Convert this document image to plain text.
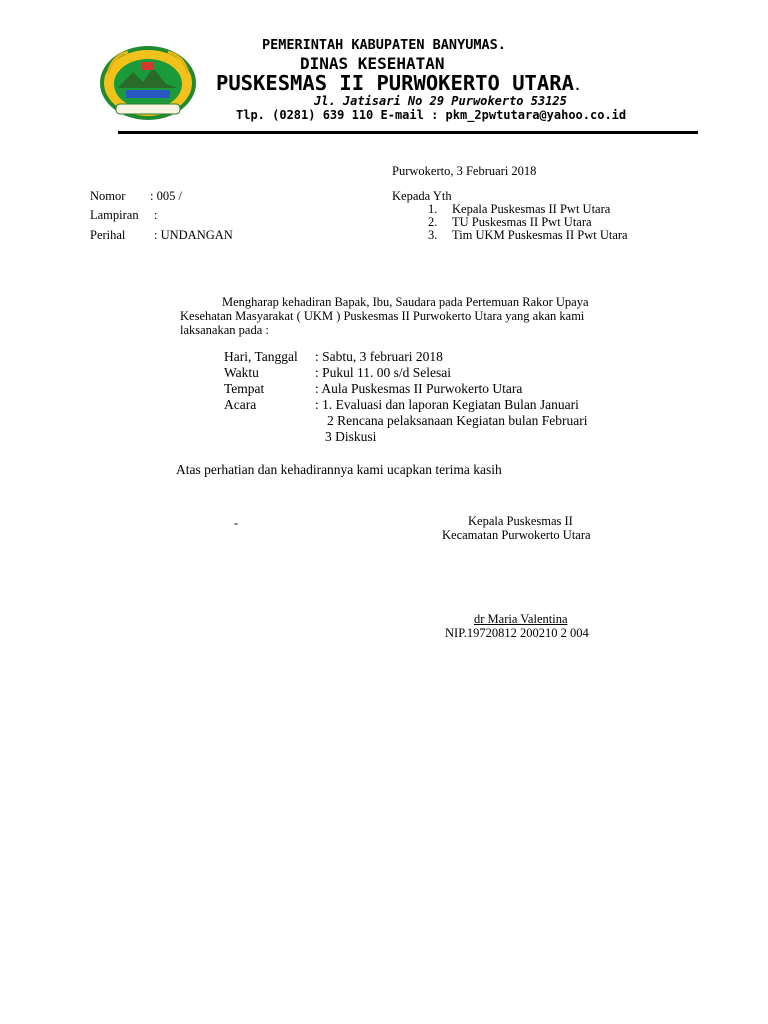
PEMERINTAH KABUPATEN BANYUMAS.
DINAS KESEHATAN
PUSKESMAS II PURWOKERTO UTARA.
Jl. Jatisari No 29 Purwokerto 53125
Tlp. (0281) 639 110 E-mail : pkm_2pwtutara@yahoo.co.id
Purwokerto, 3 Februari 2018
Nomor : 005 /
Lampiran :
Perihal : UNDANGAN
Kepada Yth
1. Kepala Puskesmas II Pwt Utara
2. TU Puskesmas II Pwt Utara
3. Tim UKM Puskesmas II Pwt Utara
Mengharap kehadiran Bapak, Ibu, Saudara pada Pertemuan Rakor Upaya
Kesehatan Masyarakat ( UKM ) Puskesmas II Purwokerto Utara yang akan kami
laksanakan pada :
Hari, Tanggal : Sabtu, 3 februari 2018
Waktu	: Pukul 11. 00 s/d Selesai
Tempat	: Aula Puskesmas II Purwokerto Utara
Acara	: 1. Evaluasi dan laporan Kegiatan Bulan Januari
2 Rencana pelaksanaan Kegiatan bulan Februari
3 Diskusi
Atas perhatian dan kehadirannya kami ucapkan terima kasih
-	Kepala Puskesmas II
Kecamatan Purwokerto Utara
dr Maria Valentina
NIP.19720812 200210 2 004
